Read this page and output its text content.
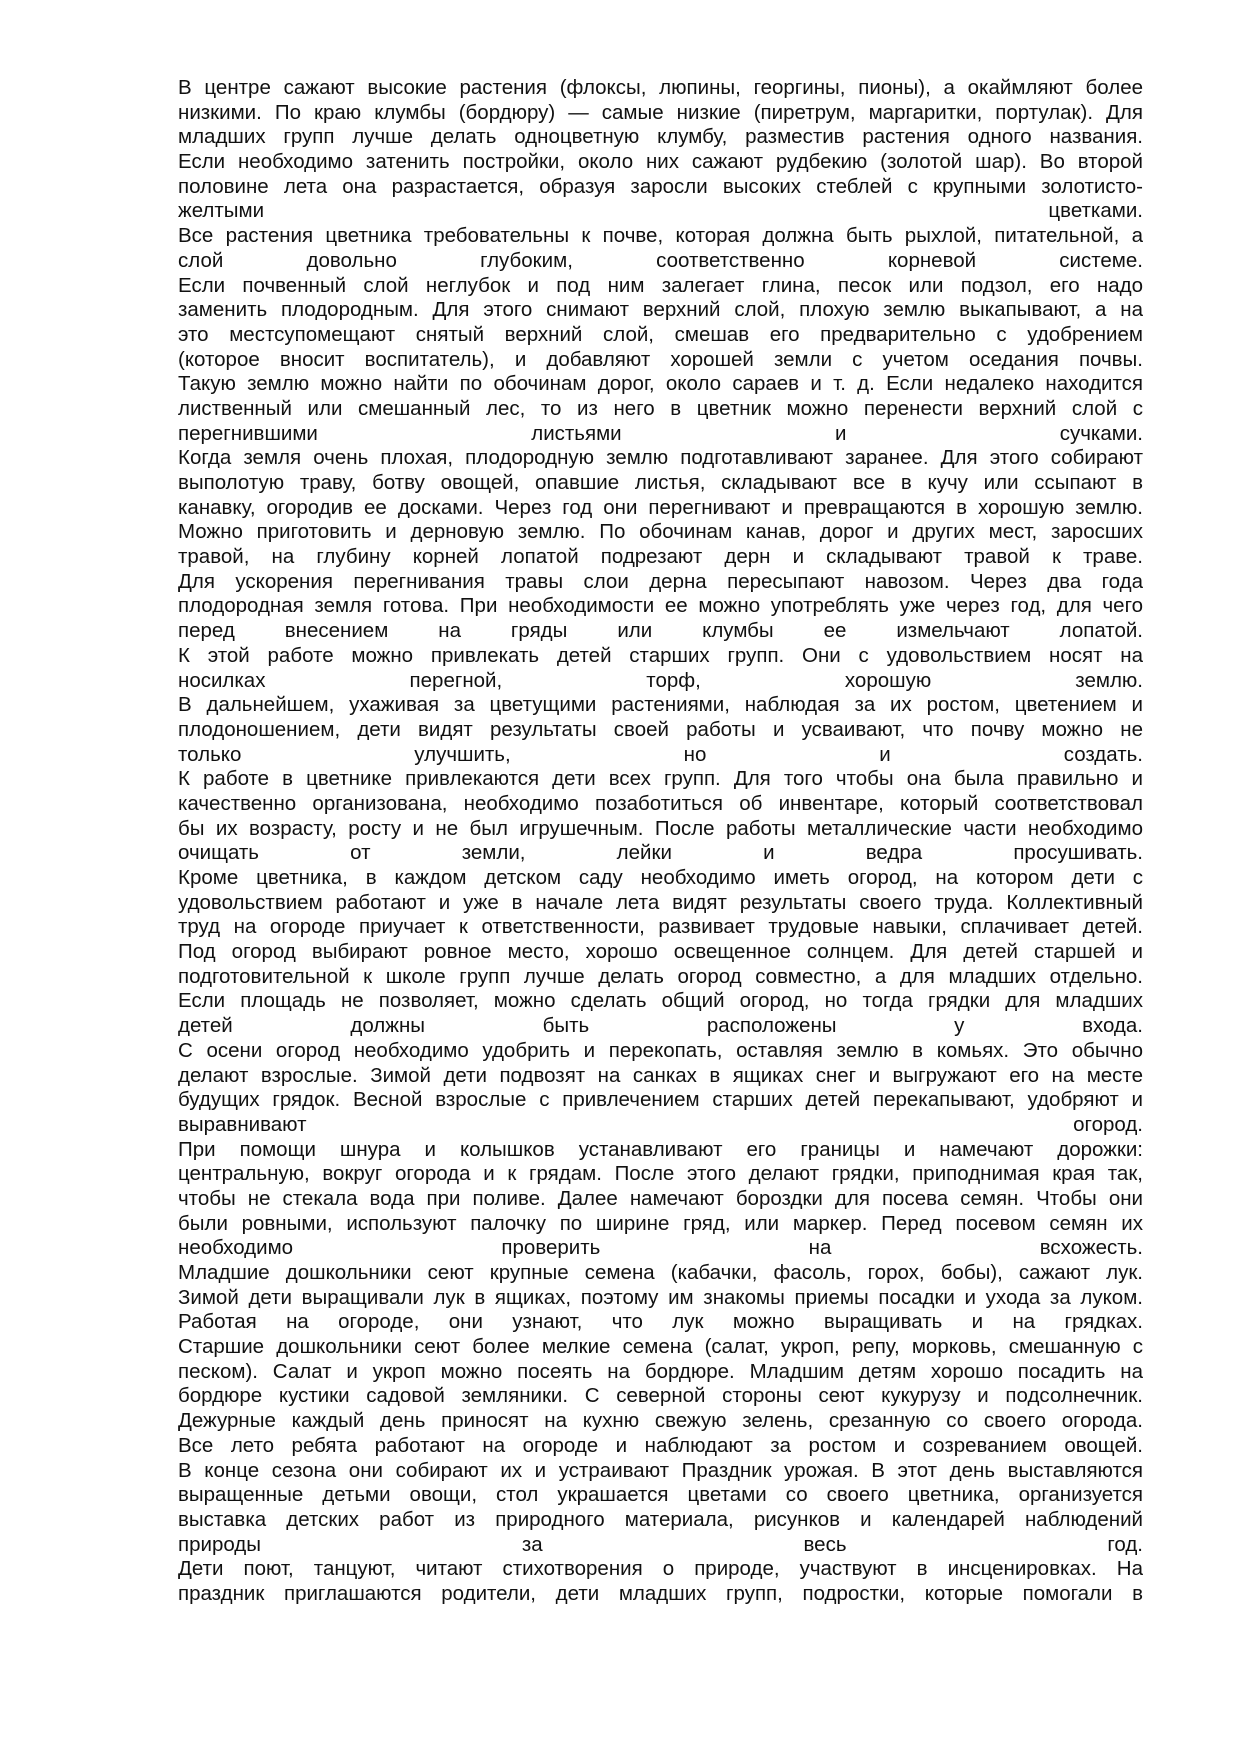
В центре сажают высокие растения (флоксы, люпины, георгины, пионы), а окаймляют более
низкими. По краю клумбы (бордюру) — самые низкие (пиретрум, маргаритки, портулак). Для
младших групп лучше делать одноцветную клумбу, разместив растения одного названия.
Если необходимо затенить постройки, около них сажают рудбекию (золотой шар). Во второй
половине лета она разрастается, образуя заросли высоких стеблей с крупными золотисто-
желтыми цветками.
Все растения цветника требовательны к почве, которая должна быть рыхлой, питательной, а
слой довольно глубоким, соответственно корневой системе.
Если почвенный слой неглубок и под ним залегает глина, песок или подзол, его надо
заменить плодородным. Для этого снимают верхний слой, плохую землю выкапывают, а на
это местсупомещают снятый верхний слой, смешав его предварительно с удобрением
(которое вносит воспитатель), и добавляют хорошей земли с учетом оседания почвы.
Такую землю можно найти по обочинам дорог, около сараев и т. д. Если недалеко находится
лиственный или смешанный лес, то из него в цветник можно перенести верхний слой с
перегнившими листьями и сучками.
Когда земля очень плохая, плодородную землю подготавливают заранее. Для этого собирают
выполотую траву, ботву овощей, опавшие листья, складывают все в кучу или ссыпают в
канавку, огородив ее досками. Через год они перегнивают и превращаются в хорошую землю.
Можно приготовить и дерновую землю. По обочинам канав, дорог и других мест, заросших
травой, на глубину корней лопатой подрезают дерн и складывают травой к траве.
Для ускорения перегнивания травы слои дерна пересыпают навозом. Через два года
плодородная земля готова. При необходимости ее можно употреблять уже через год, для чего
перед внесением на гряды или клумбы ее измельчают лопатой.
К этой работе можно привлекать детей старших групп. Они с удовольствием носят на
носилках перегной, торф, хорошую землю.
В дальнейшем, ухаживая за цветущими растениями, наблюдая за их ростом, цветением и
плодоношением, дети видят результаты своей работы и усваивают, что почву можно не
только улучшить, но и создать.
К работе в цветнике привлекаются дети всех групп. Для того чтобы она была правильно и
качественно организована, необходимо позаботиться об инвентаре, который соответствовал
бы их возрасту, росту и не был игрушечным. После работы металлические части необходимо
очищать от земли, лейки и ведра просушивать.
Кроме цветника, в каждом детском саду необходимо иметь огород, на котором дети с
удовольствием работают и уже в начале лета видят результаты своего труда. Коллективный
труд на огороде приучает к ответственности, развивает трудовые навыки, сплачивает детей.
Под огород выбирают ровное место, хорошо освещенное солнцем. Для детей старшей и
подготовительной к школе групп лучше делать огород совместно, а для младших отдельно.
Если площадь не позволяет, можно сделать общий огород, но тогда грядки для младших
детей должны быть расположены у входа.
С осени огород необходимо удобрить и перекопать, оставляя землю в комьях. Это обычно
делают взрослые. Зимой дети подвозят на санках в ящиках снег и выгружают его на месте
будущих грядок. Весной взрослые с привлечением старших детей перекапывают, удобряют и
выравнивают огород.
При помощи шнура и колышков устанавливают его границы и намечают дорожки:
центральную, вокруг огорода и к грядам. После этого делают грядки, приподнимая края так,
чтобы не стекала вода при поливе. Далее намечают бороздки для посева семян. Чтобы они
были ровными, используют палочку по ширине гряд, или маркер. Перед посевом семян их
необходимо проверить на всхожесть.
Младшие дошкольники сеют крупные семена (кабачки, фасоль, горох, бобы), сажают лук.
Зимой дети выращивали лук в ящиках, поэтому им знакомы приемы посадки и ухода за луком.
Работая на огороде, они узнают, что лук можно выращивать и на грядках.
Старшие дошкольники сеют более мелкие семена (салат, укроп, репу, морковь, смешанную с
песком). Салат и укроп можно посеять на бордюре. Младшим детям хорошо посадить на
бордюре кустики садовой земляники. С северной стороны сеют кукурузу и подсолнечник.
Дежурные каждый день приносят на кухню свежую зелень, срезанную со своего огорода.
Все лето ребята работают на огороде и наблюдают за ростом и созреванием овощей.
В конце сезона они собирают их и устраивают Праздник урожая. В этот день выставляются
выращенные детьми овощи, стол украшается цветами со своего цветника, организуется
выставка детских работ из природного материала, рисунков и календарей наблюдений
природы за весь год.
Дети поют, танцуют, читают стихотворения о природе, участвуют в инсценировках. На
праздник приглашаются родители, дети младших групп, подростки, которые помогали в
